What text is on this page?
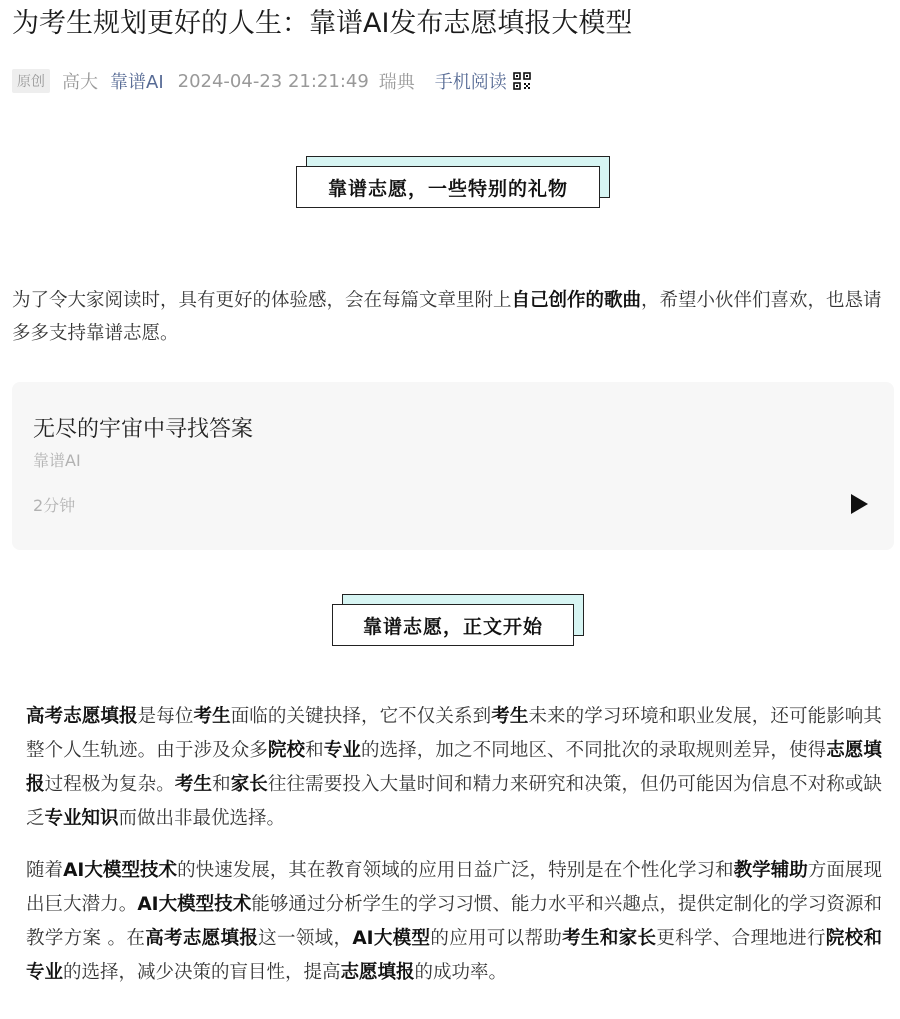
为考生规划更好的人生：靠谱AI发布志愿填报大模型
原创 高大 靠谱AI 2024-04-23 21:21:49 瑞典 手机阅读
靠谱志愿，一些特别的礼物
为了令大家阅读时，具有更好的体验感，会在每篇文章里附上自己创作的歌曲，希望小伙伴们喜欢，也恳请多多支持靠谱志愿。
无尽的宇宙中寻找答案
靠谱AI
2分钟
靠谱志愿，正文开始
高考志愿填报是每位考生面临的关键抉择，它不仅关系到考生未来的学习环境和职业发展，还可能影响其整个人生轨迹。由于涉及众多院校和专业的选择，加之不同地区、不同批次的录取规则差异，使得志愿填报过程极为复杂。考生和家长往往需要投入大量时间和精力来研究和决策，但仍可能因为信息不对称或缺乏专业知识而做出非最优选择。
随着AI大模型技术的快速发展，其在教育领域的应用日益广泛，特别是在个性化学习和教学辅助方面展现出巨大潜力。AI大模型技术能够通过分析学生的学习习惯、能力水平和兴趣点，提供定制化的学习资源和教学方案 。在高考志愿填报这一领域，AI大模型的应用可以帮助考生和家长更科学、合理地进行院校和专业的选择，减少决策的盲目性，提高志愿填报的成功率。
